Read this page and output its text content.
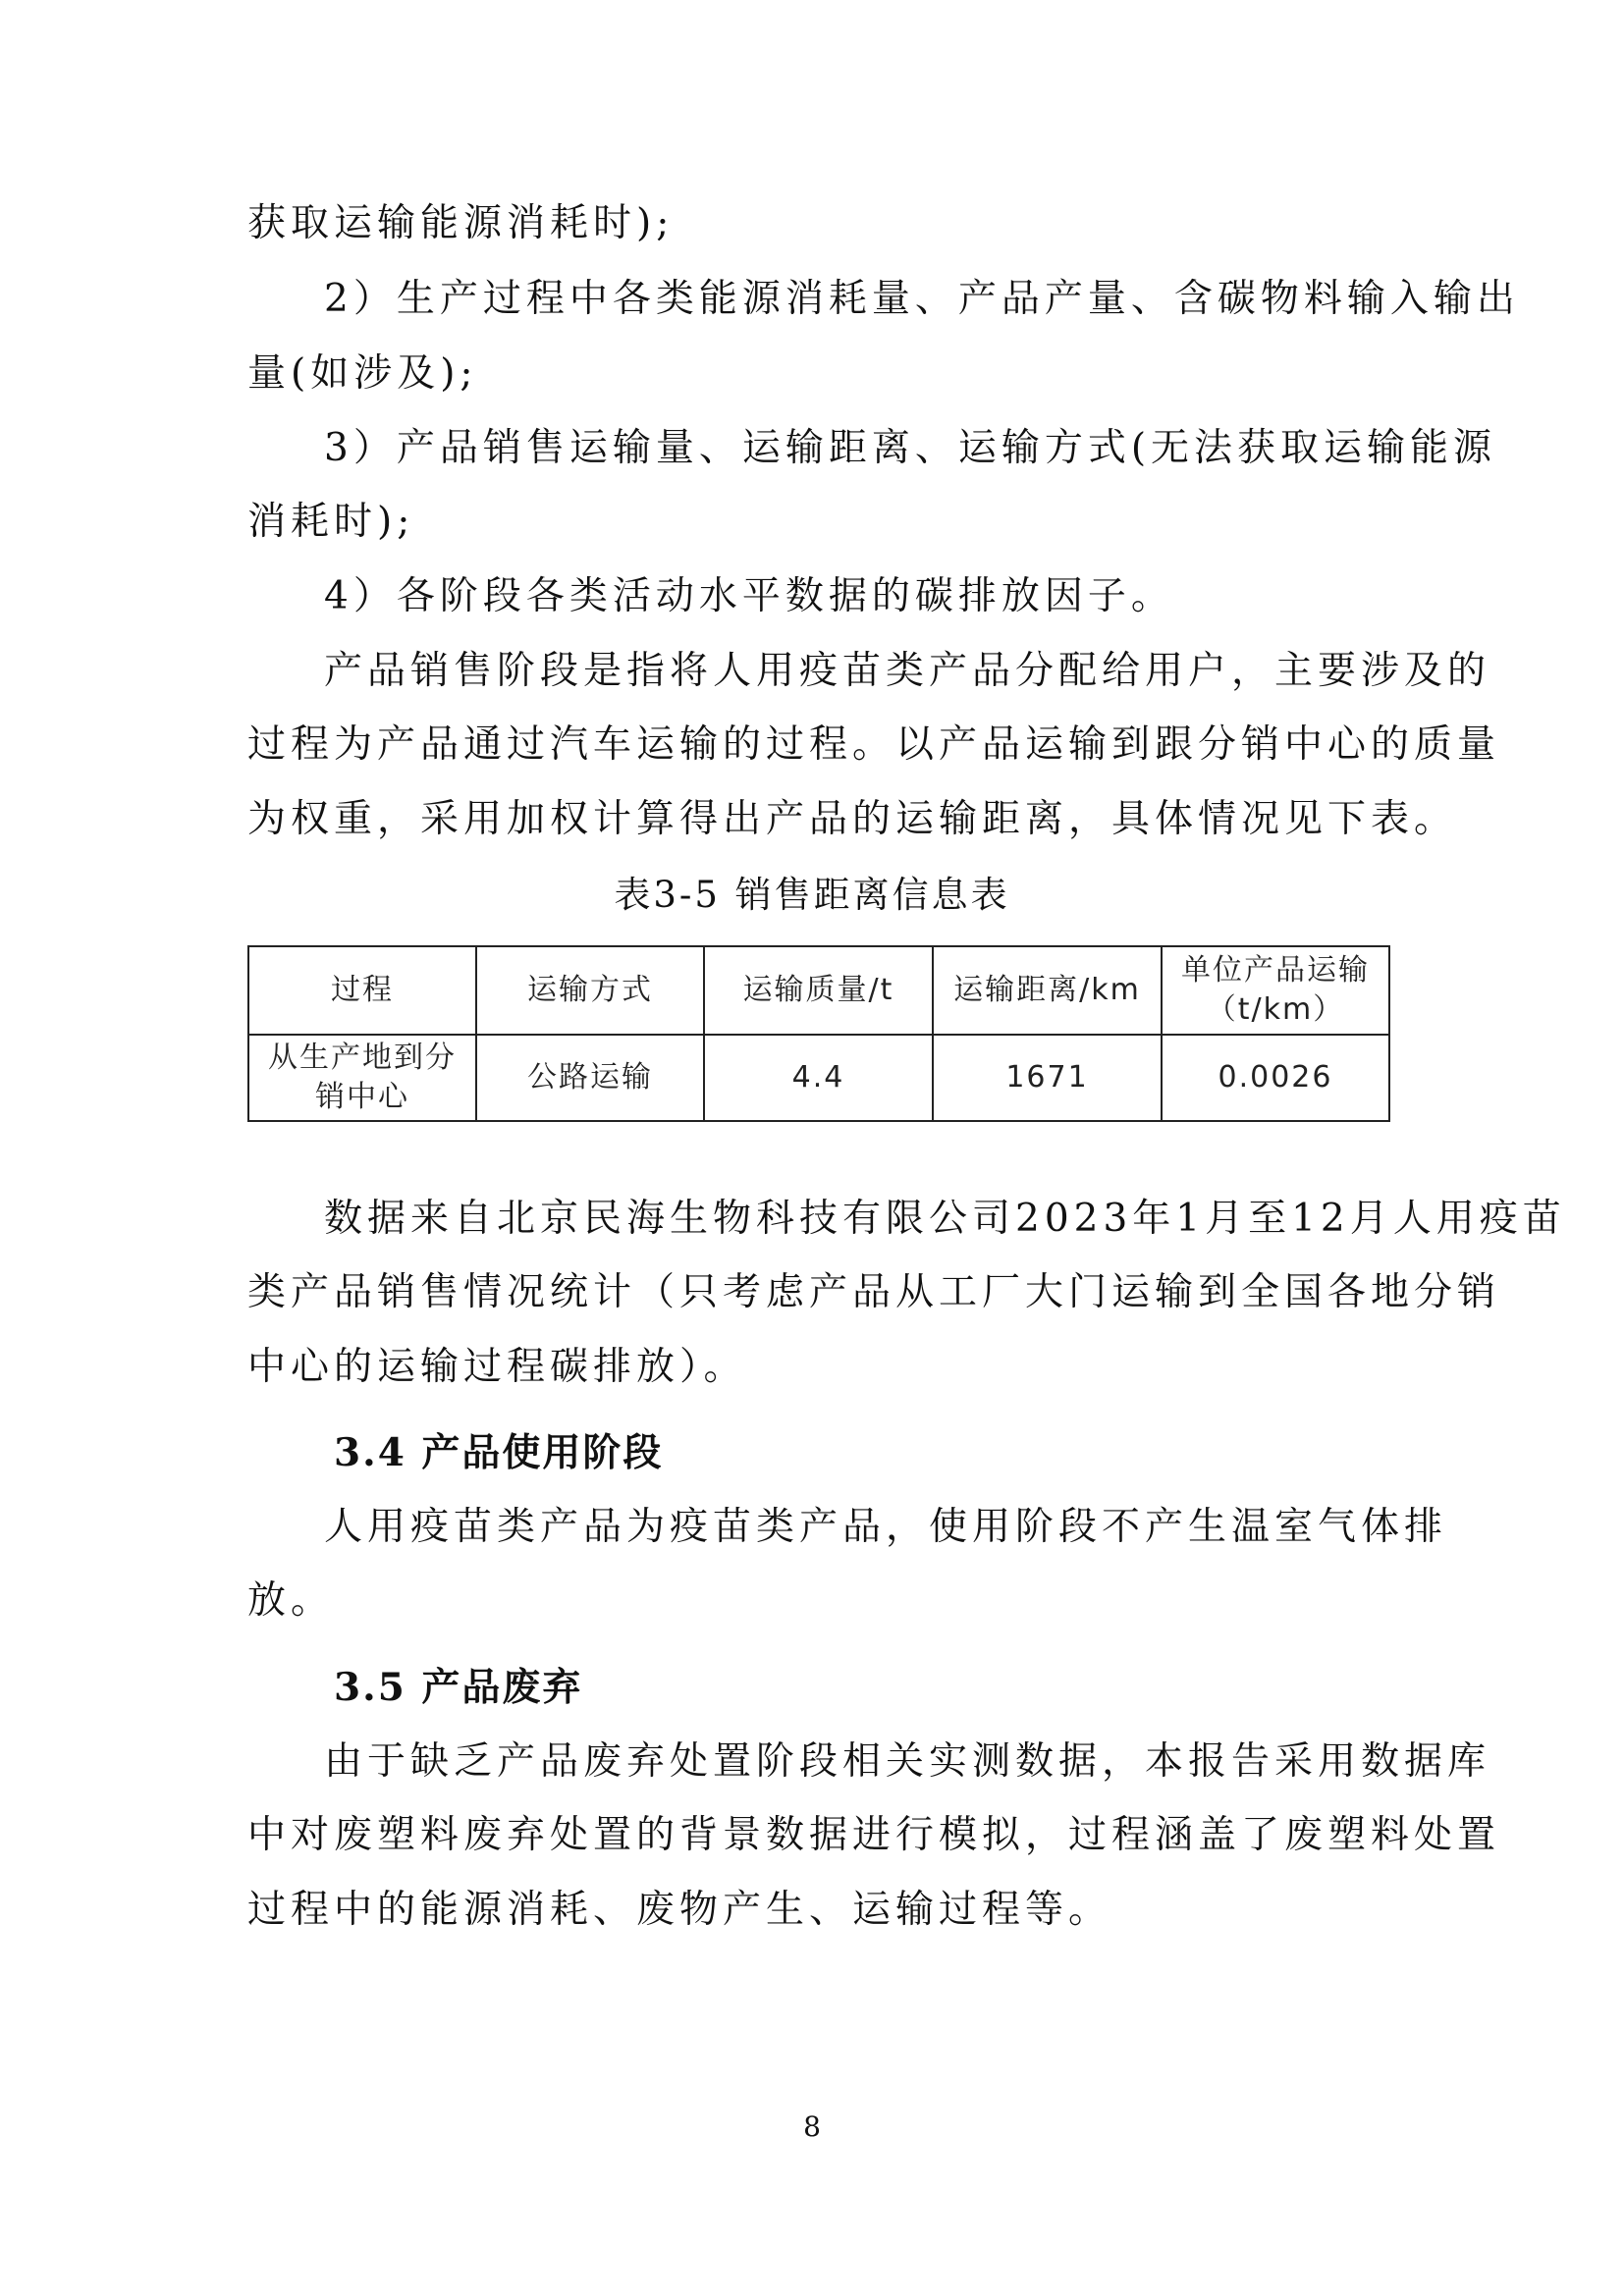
获取运输能源消耗时);
2）生产过程中各类能源消耗量、产品产量、含碳物料输入输出
量(如涉及);
3）产品销售运输量、运输距离、运输方式(无法获取运输能源
消耗时);
4）各阶段各类活动水平数据的碳排放因子。
产品销售阶段是指将人用疫苗类产品分配给用户，主要涉及的
过程为产品通过汽车运输的过程。以产品运输到跟分销中心的质量
为权重，采用加权计算得出产品的运输距离，具体情况见下表。
表3-5 销售距离信息表
过程	运输方式	运输质量/t	运输距离/km	单位产品运输
（t/km）

从生产地到分
销中心	公路运输	4.4	1671	0.0026
数据来自北京民海生物科技有限公司2023年1月至12月人用疫苗
类产品销售情况统计（只考虑产品从工厂大门运输到全国各地分销
中心的运输过程碳排放）。
3.4 产品使用阶段
人用疫苗类产品为疫苗类产品，使用阶段不产生温室气体排
放。
3.5 产品废弃
由于缺乏产品废弃处置阶段相关实测数据，本报告采用数据库
中对废塑料废弃处置的背景数据进行模拟，过程涵盖了废塑料处置
过程中的能源消耗、废物产生、运输过程等。
8
